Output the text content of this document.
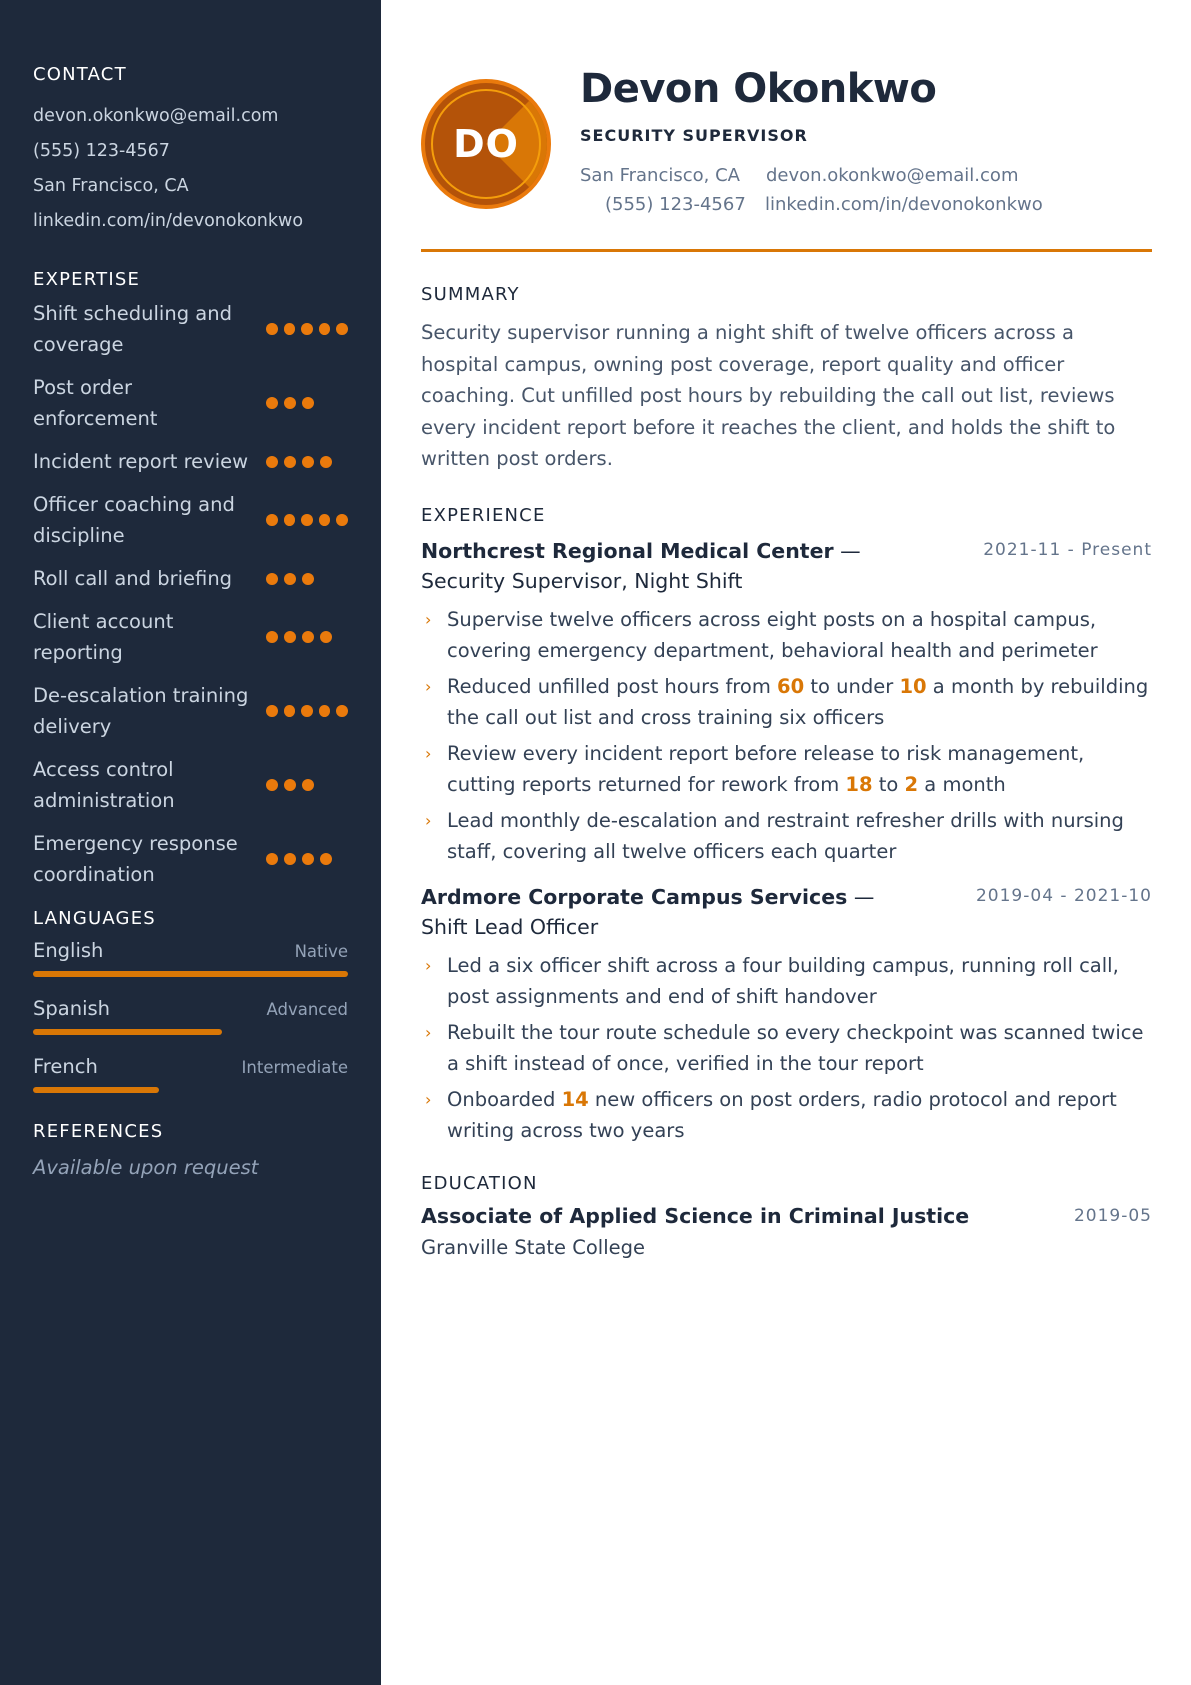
CONTACT
devon.okonkwo@email.com
(555) 123-4567
San Francisco, CA
linkedin.com/in/devonokonkwo
EXPERTISE
Shift scheduling and coverage
Post order enforcement
Incident report review
Officer coaching and discipline
Roll call and briefing
Client account reporting
De-escalation training delivery
Access control administration
Emergency response coordination
LANGUAGES
English	Native
Spanish	Advanced
French	Intermediate
REFERENCES
Available upon request
DO
Devon Okonkwo
SECURITY SUPERVISOR
San Francisco, CA devon.okonkwo@email.com
(555) 123-4567 linkedin.com/in/devonokonkwo
SUMMARY

Security supervisor running a night shift of twelve officers across a hospital campus, owning post coverage, report quality and officer coaching. Cut unfilled post hours by rebuilding the call out list, reviews every incident report before it reaches the client, and holds the shift to written post orders.

EXPERIENCE
Northcrest Regional Medical Center — Security Supervisor, Night Shift
2021-11 - Present
› Supervise twelve officers across eight posts on a hospital campus, covering emergency department, behavioral health and perimeter
› Reduced unfilled post hours from 60 to under 10 a month by rebuilding the call out list and cross training six officers
› Review every incident report before release to risk management, cutting reports returned for rework from 18 to 2 a month
› Lead monthly de-escalation and restraint refresher drills with nursing staff, covering all twelve officers each quarter
Ardmore Corporate Campus Services — Shift Lead Officer
2019-04 - 2021-10
› Led a six officer shift across a four building campus, running roll call, post assignments and end of shift handover
› Rebuilt the tour route schedule so every checkpoint was scanned twice a shift instead of once, verified in the tour report
› Onboarded 14 new officers on post orders, radio protocol and report writing across two years
EDUCATION
Associate of Applied Science in Criminal Justice	2019-05
Granville State College
